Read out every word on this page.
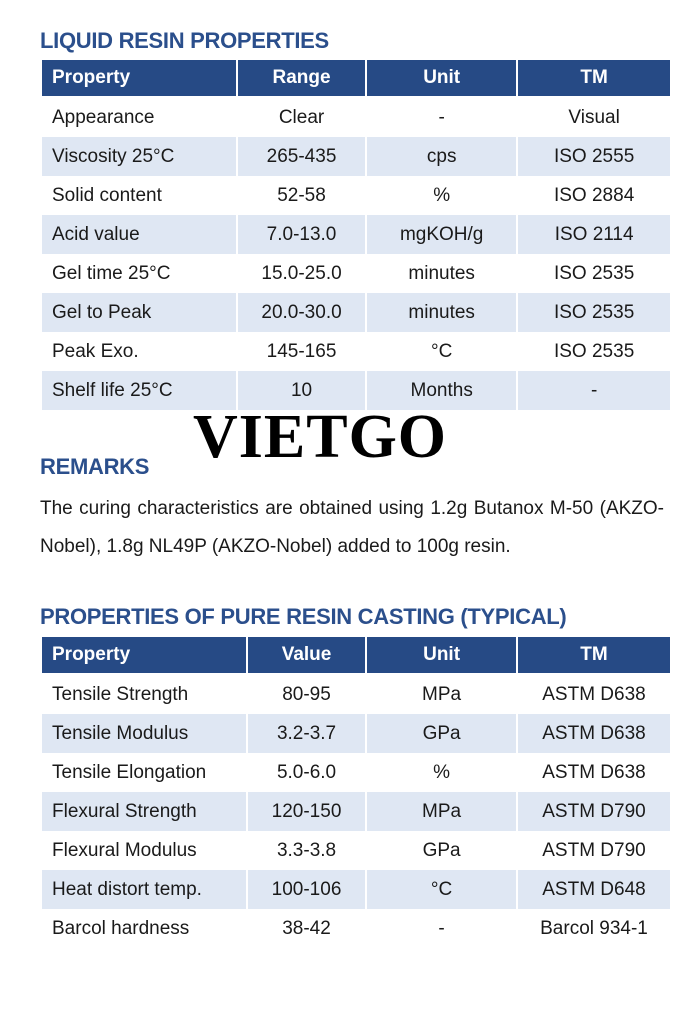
LIQUID RESIN PROPERTIES
Property	Range	Unit	TM
Appearance	Clear	-	Visual
Viscosity 25°C	265-435	cps	ISO 2555
Solid content	52-58	%	ISO 2884
Acid value	7.0-13.0	mgKOH/g	ISO 2114
Gel time 25°C	15.0-25.0	minutes	ISO 2535
Gel to Peak	20.0-30.0	minutes	ISO 2535
Peak Exo.	145-165	°C	ISO 2535
Shelf life 25°C	10	Months	-
VIETGO
REMARKS
The curing characteristics are obtained using 1.2g Butanox M-50 (AKZO-Nobel), 1.8g NL49P (AKZO-Nobel) added to 100g resin.
PROPERTIES OF PURE RESIN CASTING (TYPICAL)
Property	Value	Unit	TM
Tensile Strength	80-95	MPa	ASTM D638
Tensile Modulus	3.2-3.7	GPa	ASTM D638
Tensile Elongation	5.0-6.0	%	ASTM D638
Flexural Strength	120-150	MPa	ASTM D790
Flexural Modulus	3.3-3.8	GPa	ASTM D790
Heat distort temp.	100-106	°C	ASTM D648
Barcol hardness	38-42	-	Barcol 934-1
